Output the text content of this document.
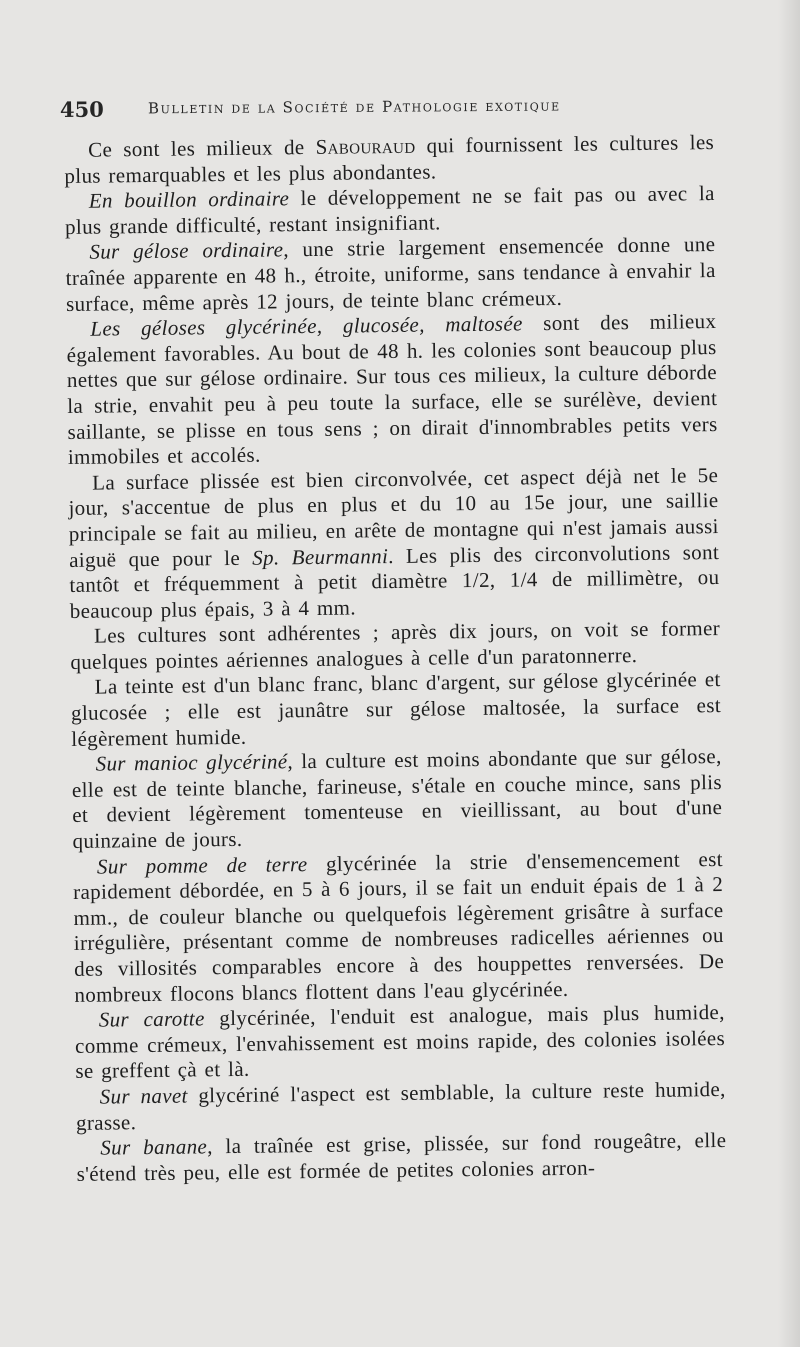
450	Bulletin de la Société de Pathologie exotique

Ce sont les milieux de Sabouraud qui fournissent les cultures les plus remarquables et les plus abondantes.

En bouillon ordinaire le développement ne se fait pas ou avec la plus grande difficulté, restant insignifiant.

Sur gélose ordinaire, une strie largement ensemencée donne une traînée apparente en 48 h., étroite, uniforme, sans tendance à envahir la surface, même après 12 jours, de teinte blanc crémeux.

Les géloses glycérinée, glucosée, maltosée sont des milieux également favorables. Au bout de 48 h. les colonies sont beaucoup plus nettes que sur gélose ordinaire. Sur tous ces milieux, la culture déborde la strie, envahit peu à peu toute la surface, elle se surélève, devient saillante, se plisse en tous sens ; on dirait d'innombrables petits vers immobiles et accolés.

La surface plissée est bien circonvolvée, cet aspect déjà net le 5e jour, s'accentue de plus en plus et du 10 au 15e jour, une saillie principale se fait au milieu, en arête de montagne qui n'est jamais aussi aiguë que pour le Sp. Beurmanni. Les plis des circonvolutions sont tantôt et fréquemment à petit diamètre 1/2, 1/4 de millimètre, ou beaucoup plus épais, 3 à 4 mm.

Les cultures sont adhérentes ; après dix jours, on voit se former quelques pointes aériennes analogues à celle d'un paratonnerre.

La teinte est d'un blanc franc, blanc d'argent, sur gélose glycérinée et glucosée ; elle est jaunâtre sur gélose maltosée, la surface est légèrement humide.

Sur manioc glycériné, la culture est moins abondante que sur gélose, elle est de teinte blanche, farineuse, s'étale en couche mince, sans plis et devient légèrement tomenteuse en vieillissant, au bout d'une quinzaine de jours.

Sur pomme de terre glycérinée la strie d'ensemencement est rapidement débordée, en 5 à 6 jours, il se fait un enduit épais de 1 à 2 mm., de couleur blanche ou quelquefois légèrement grisâtre à surface irrégulière, présentant comme de nombreuses radicelles aériennes ou des villosités comparables encore à des houppettes renversées. De nombreux flocons blancs flottent dans l'eau glycérinée.

Sur carotte glycérinée, l'enduit est analogue, mais plus humide, comme crémeux, l'envahissement est moins rapide, des colonies isolées se greffent çà et là.

Sur navet glycériné l'aspect est semblable, la culture reste humide, grasse.

Sur banane, la traînée est grise, plissée, sur fond rougeâtre, elle s'étend très peu, elle est formée de petites colonies arron-
